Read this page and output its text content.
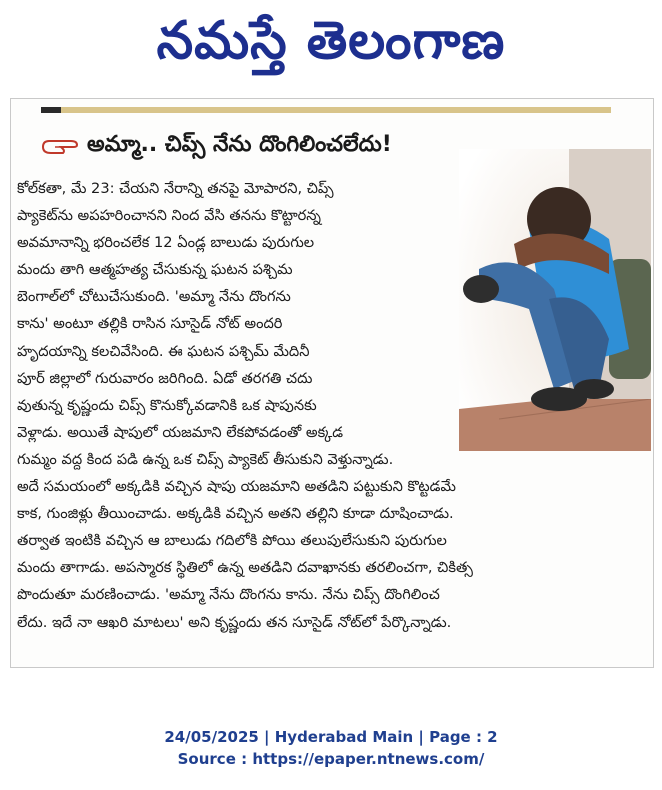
నమస్తే తెలంగాణ
అమ్మా.. చిప్స్ నేను దొంగిలించలేదు!
కోల్‌కతా, మే 23: చేయని నేరాన్ని తనపై మోపారని, చిప్స్
ప్యాకెట్‌ను అపహరించానని నింద వేసి తనను కొట్టారన్న
అవమానాన్ని భరించలేక 12 ఏండ్ల బాలుడు పురుగుల
మందు తాగి ఆత్మహత్య చేసుకున్న ఘటన పశ్చిమ
బెంగాల్‌లో చోటుచేసుకుంది. 'అమ్మా నేను దొంగను
కాను' అంటూ తల్లికి రాసిన సూసైడ్ నోట్ అందరి
హృదయాన్ని కలచివేసింది. ఈ ఘటన పశ్చిమ్ మేదినీ
పూర్ జిల్లాలో గురువారం జరిగింది. ఏడో తరగతి చదు
వుతున్న కృష్ణందు చిప్స్ కొనుక్కోవడానికి ఒక షాపునకు
వెళ్లాడు. అయితే షాపులో యజమాని లేకపోవడంతో అక్కడ
గుమ్మం వద్ద కింద పడి ఉన్న ఒక చిప్స్ ప్యాకెట్ తీసుకుని వెళ్తున్నాడు.
అదే సమయంలో అక్కడికి వచ్చిన షాపు యజమాని అతడిని పట్టుకుని కొట్టడమే
కాక, గుంజిళ్లు తీయించాడు. అక్కడికి వచ్చిన అతని తల్లిని కూడా దూషించాడు.
తర్వాత ఇంటికి వచ్చిన ఆ బాలుడు గదిలోకి పోయి తలుపులేసుకుని పురుగుల
మందు తాగాడు. అపస్మారక స్థితిలో ఉన్న అతడిని దవాఖానకు తరలించగా, చికిత్స
పొందుతూ మరణించాడు. 'అమ్మా నేను దొంగను కాను. నేను చిప్స్ దొంగిలించ
లేదు. ఇదే నా ఆఖరి మాటలు' అని కృష్ణందు తన సూసైడ్ నోట్‌లో పేర్కొన్నాడు.
24/05/2025 | Hyderabad Main | Page : 2
Source : https://epaper.ntnews.com/
